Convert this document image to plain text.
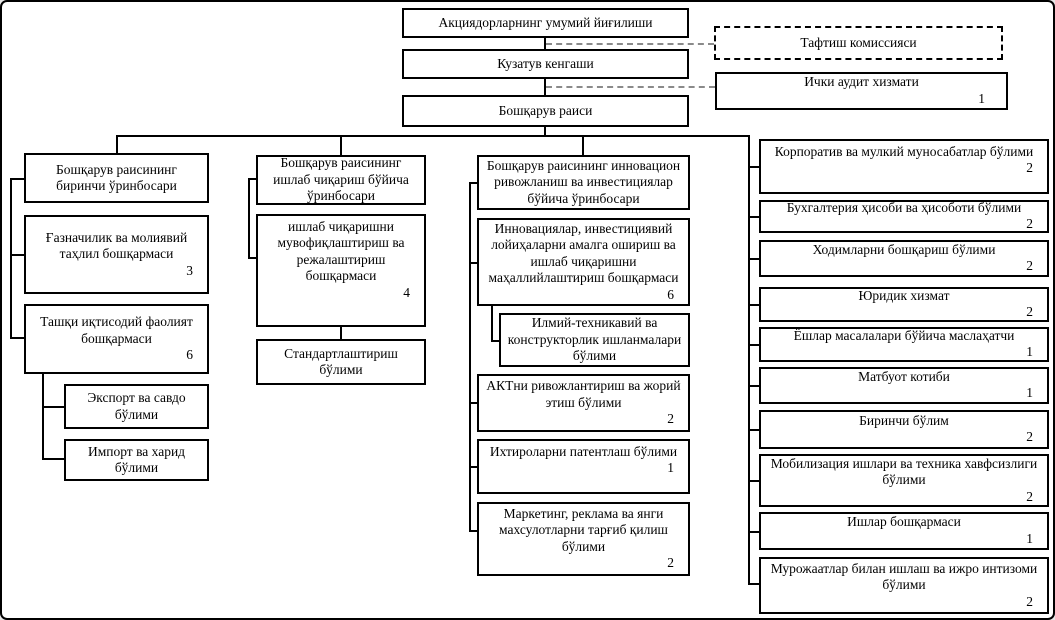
Акциядорларнинг умумий йиғилиши
Кузатув кенгаши
Бошқарув раиси
Тафтиш комиссияси
Ички аудит хизмати
1
Бошқарув раисининг биринчи ўринбосари
Ғазначилик ва молиявий таҳлил бошқармаси
3
Ташқи иқтисодий фаолият бошқармаси
6
Экспорт ва савдо бўлими
Импорт ва харид бўлими
Бошқарув раисининг ишлаб чиқариш бўйича ўринбосари
ишлаб чиқаришни мувофиқлаштириш ва режалаштириш бошқармаси
4
Стандартлаштириш бўлими
Бошқарув раисининг инновацион ривожланиш ва инвестициялар бўйича ўринбосари
Инновациялар, инвестициявий лойиҳаларни амалга ошириш ва ишлаб чиқаришни маҳаллийлаштириш бошқармаси
6
Илмий-техникавий ва конструкторлик ишланмалари бўлими
АКТни ривожлантириш ва жорий этиш бўлими
2
Ихтироларни патентлаш бўлими
1
Маркетинг, реклама ва янги махсулотларни тарғиб қилиш бўлими
2
Корпоратив ва мулкий муносабатлар бўлими
2
Бухгалтерия ҳисоби ва ҳисоботи бўлими
2
Ходимларни бошқариш бўлими
2
Юридик хизмат
2
Ёшлар масалалари бўйича маслаҳатчи
1
Матбуот котиби
1
Биринчи бўлим
2
Мобилизация ишлари ва техника хавфсизлиги бўлими
2
Ишлар бошқармаси
1
Мурожаатлар билан ишлаш ва ижро интизоми бўлими
2
